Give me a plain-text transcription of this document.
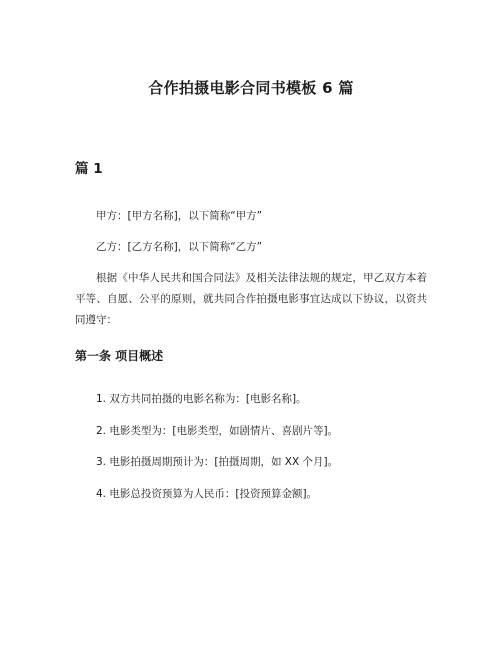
合作拍摄电影合同书模板 6 篇
篇 1

甲方：[甲方名称]，以下简称“甲方”

乙方：[乙方名称]，以下简称“乙方”

根据《中华人民共和国合同法》及相关法律法规的规定，甲乙双方本着平等、自愿、公平的原则，就共同合作拍摄电影事宜达成以下协议，以资共同遵守：

第一条 项目概述
1. 双方共同拍摄的电影名称为：[电影名称]。
2. 电影类型为：[电影类型，如剧情片、喜剧片等]。
3. 电影拍摄周期预计为：[拍摄周期，如 XX 个月]。
4. 电影总投资预算为人民币：[投资预算金额]。
